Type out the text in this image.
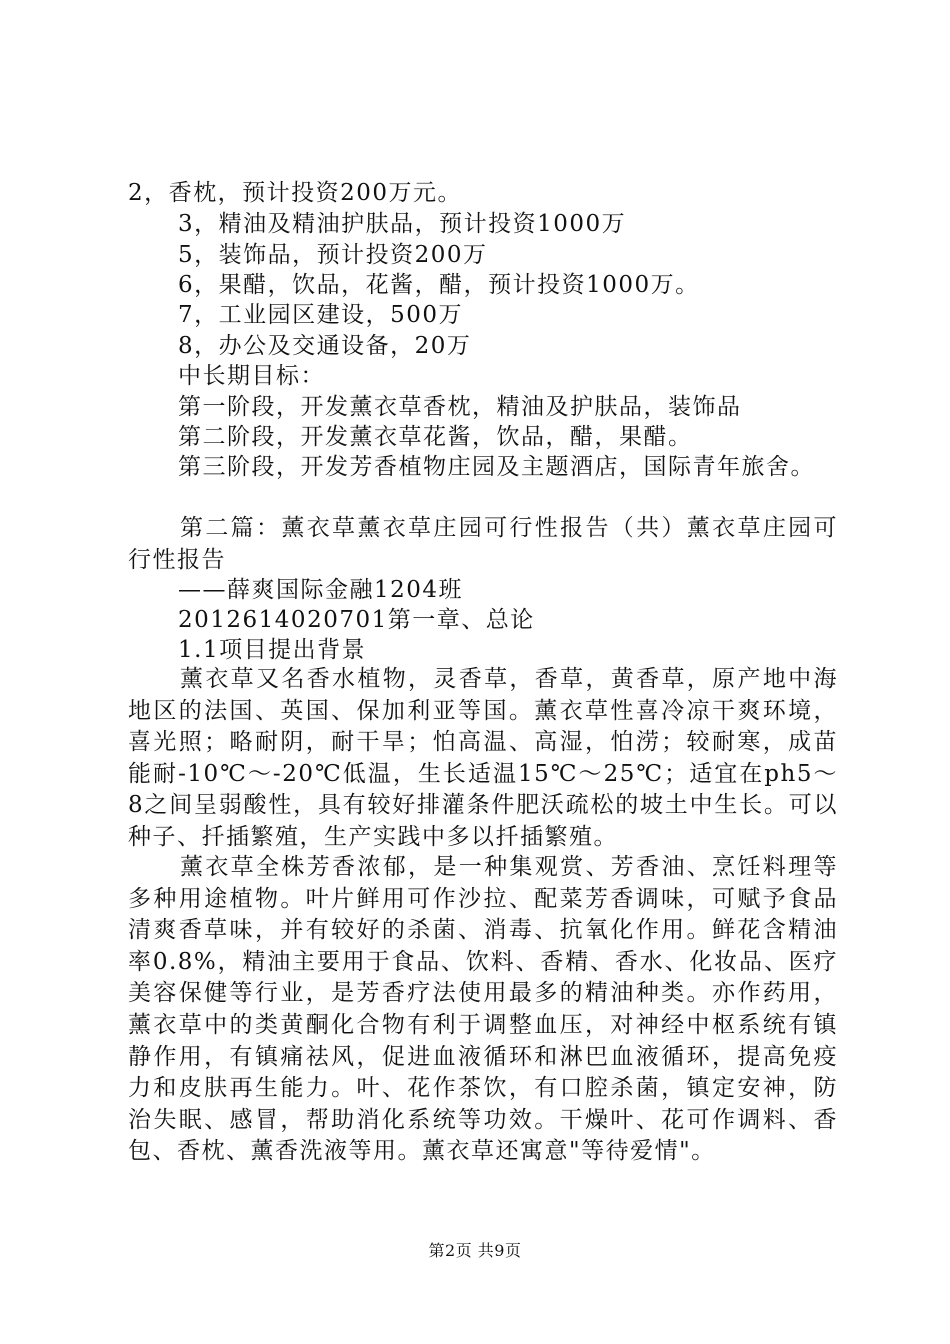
2，香枕，预计投资200万元。
3，精油及精油护肤品，预计投资1000万
5，装饰品，预计投资200万
6，果醋，饮品，花酱，醋，预计投资1000万。
7，工业园区建设，500万
8，办公及交通设备，20万
中长期目标：
第一阶段，开发薰衣草香枕，精油及护肤品，装饰品
第二阶段，开发薰衣草花酱，饮品，醋，果醋。
第三阶段，开发芳香植物庄园及主题酒店，国际青年旅舍。
第二篇：薰衣草薰衣草庄园可行性报告（共）薰衣草庄园可行性报告
——薛爽国际金融1204班
2012614020701第一章、总论
1.1项目提出背景
薰衣草又名香水植物，灵香草，香草，黄香草，原产地中海地区的法国、英国、保加利亚等国。薰衣草性喜冷凉干爽环境，喜光照；略耐阴，耐干旱；怕高温、高湿，怕涝；较耐寒，成苗能耐-10℃～-20℃低温，生长适温15℃～25℃；适宜在ph5～8之间呈弱酸性，具有较好排灌条件肥沃疏松的坡土中生长。可以种子、扦插繁殖，生产实践中多以扦插繁殖。
薰衣草全株芳香浓郁，是一种集观赏、芳香油、烹饪料理等多种用途植物。叶片鲜用可作沙拉、配菜芳香调味，可赋予食品清爽香草味，并有较好的杀菌、消毒、抗氧化作用。鲜花含精油率0.8%，精油主要用于食品、饮料、香精、香水、化妆品、医疗美容保健等行业，是芳香疗法使用最多的精油种类。亦作药用，薰衣草中的类黄酮化合物有利于调整血压，对神经中枢系统有镇静作用，有镇痛祛风，促进血液循环和淋巴血液循环，提高免疫力和皮肤再生能力。叶、花作茶饮，有口腔杀菌，镇定安神，防治失眠、感冒，帮助消化系统等功效。干燥叶、花可作调料、香包、香枕、薰香洗液等用。薰衣草还寓意"等待爱情"。
第2页 共9页
